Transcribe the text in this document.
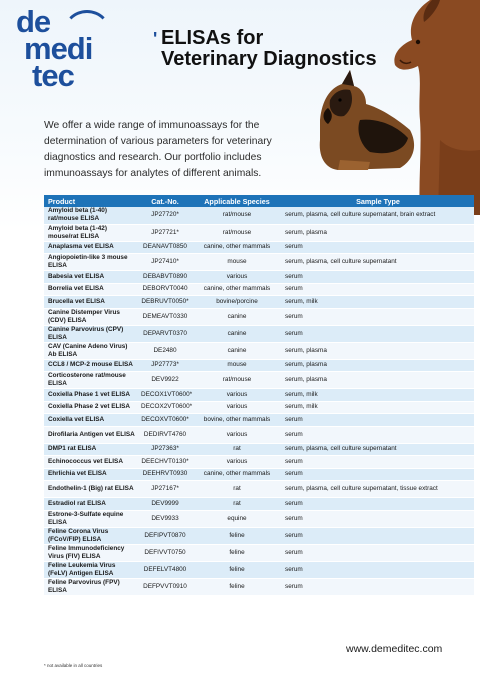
de
medi
tec
' ELISAs for
Veterinary Diagnostics
We offer a wide range of immunoassays for the determination of various parameters for veterinary diagnostics and research. Our portfolio includes immunoassays for analytes of different animals.
Product	Cat.-No.	Applicable Species	Sample Type
Amyloid beta (1-40) rat/mouse ELISA	JP27720*	rat/mouse	serum, plasma, cell culture supernatant, brain extract
Amyloid beta (1-42) mouse/rat ELISA	JP27721*	rat/mouse	serum, plasma
Anaplasma vet ELISA	DEANAVT0850	canine, other mammals	serum
Angiopoietin-like 3 mouse ELISA	JP27410*	mouse	serum, plasma, cell culture supernatant
Babesia vet ELISA	DEBABVT0890	various	serum
Borrelia vet ELISA	DEBORVT0040	canine, other mammals	serum
Brucella vet ELISA	DEBRUVT0050*	bovine/porcine	serum, milk
Canine Distemper Virus (CDV) ELISA	DEMEAVT0330	canine	serum
Canine Parvovirus (CPV) ELISA	DEPARVT0370	canine	serum
CAV (Canine Adeno Virus) Ab ELISA	DE2480	canine	serum, plasma
CCL8 / MCP-2 mouse ELISA	JP27773*	mouse	serum, plasma
Corticosterone rat/mouse ELISA	DEV9922	rat/mouse	serum, plasma
Coxiella Phase 1 vet ELISA	DECOX1VT0600*	various	serum, milk
Coxiella Phase 2 vet ELISA	DECOX2VT0600*	various	serum, milk
Coxiella vet ELISA	DECOXVT0600*	bovine, other mammals	serum
Dirofilaria Antigen vet ELISA	DEDIRVT4760	various	serum
DMP1 rat ELISA	JP27363*	rat	serum, plasma, cell culture supernatant
Echinococcus vet ELISA	DEECHVT0130*	various	serum
Ehrlichia vet ELISA	DEEHRVT0930	canine, other mammals	serum
Endothelin-1 (Big) rat ELISA	JP27167*	rat	serum, plasma, cell culture supernatant, tissue extract
Estradiol rat ELISA	DEV9999	rat	serum
Estrone-3-Sulfate equine ELISA	DEV9933	equine	serum
Feline Corona Virus (FCoV/FIP) ELISA	DEFIPVT0870	feline	serum
Feline Immunodeficiency Virus (FIV) ELISA	DEFIVVT0750	feline	serum
Feline Leukemia Virus (FeLV) Antigen ELISA	DEFELVT4800	feline	serum
Feline Parvovirus (FPV) ELISA	DEFPVVT0910	feline	serum
* not available in all countries
www.demeditec.com
